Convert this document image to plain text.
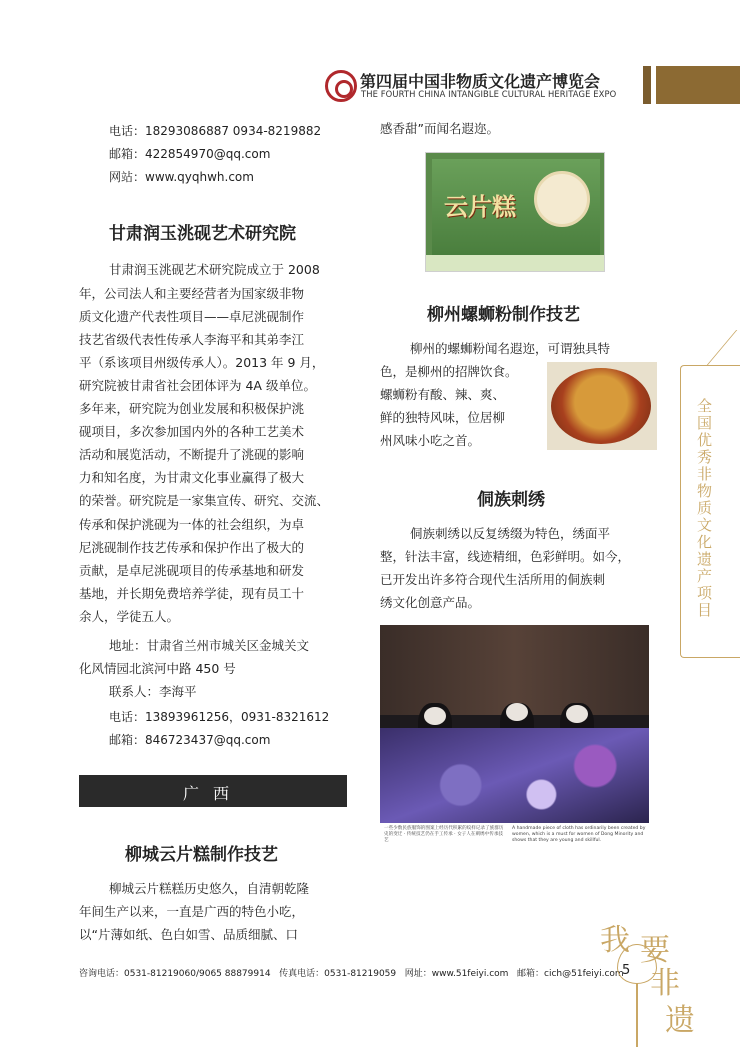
第四届中国非物质文化遗产博览会
THE FOURTH CHINA INTANGIBLE CULTURAL HERITAGE EXPO
全国优秀非物质文化遗产项目
电话：18293086887 0934-8219882
邮箱：422854970@qq.com
网站：www.qyqhwh.com
甘肃润玉洮砚艺术研究院
甘肃润玉洮砚艺术研究院成立于 2008
年，公司法人和主要经营者为国家级非物
质文化遗产代表性项目——卓尼洮砚制作
技艺省级代表性传承人李海平和其弟李江
平（系该项目州级传承人）。2013 年 9 月，
研究院被甘肃省社会团体评为 4A 级单位。
多年来，研究院为创业发展和积极保护洮
砚项目，多次参加国内外的各种工艺美术
活动和展览活动，不断提升了洮砚的影响
力和知名度，为甘肃文化事业赢得了极大
的荣誉。研究院是一家集宣传、研究、交流、
传承和保护洮砚为一体的社会组织，为卓
尼洮砚制作技艺传承和保护作出了极大的
贡献，是卓尼洮砚项目的传承基地和研发
基地，并长期免费培养学徒，现有员工十
余人，学徒五人。
地址：甘肃省兰州市城关区金城关文
化风情园北滨河中路 450 号
联系人：李海平
电话：13893961256，0931-8321612
邮箱：846723437@qq.com
广西
柳城云片糕制作技艺
柳城云片糕糕历史悠久，自清朝乾隆
年间生产以来，一直是广西的特色小吃，
以“片薄如纸、色白如雪、品质细腻、口
感香甜”而闻名遐迩。
云片糕
柳州螺蛳粉制作技艺
柳州的螺蛳粉闻名遐迩，可谓独具特
色，是柳州的招牌饮食。
螺蛳粉有酸、辣、爽、
鲜的独特风味，位居柳
州风味小吃之首。
侗族刺绣
侗族刺绣以反复绣缀为特色，绣面平
整，针法丰富，线迹精细，色彩鲜明。如今，
已开发出许多符合现代生活所用的侗族刺
绣文化创意产品。
一些少数民族服饰的图案上经历代积累的纹样记录了族群历史的变迁 · 传统技艺仍在手工传承 · 女子人在刺绣中传承技艺
A handmade piece of cloth has ordinarily been created by women, which is a must for women of Dong Minority and shows that they are young and skillful.
咨询电话：0531-81219060/9065 88879914 传真电话：0531-81219059 网址：www.51feiyi.com 邮箱：cich@51feiyi.com
5
我 要
非
遗
